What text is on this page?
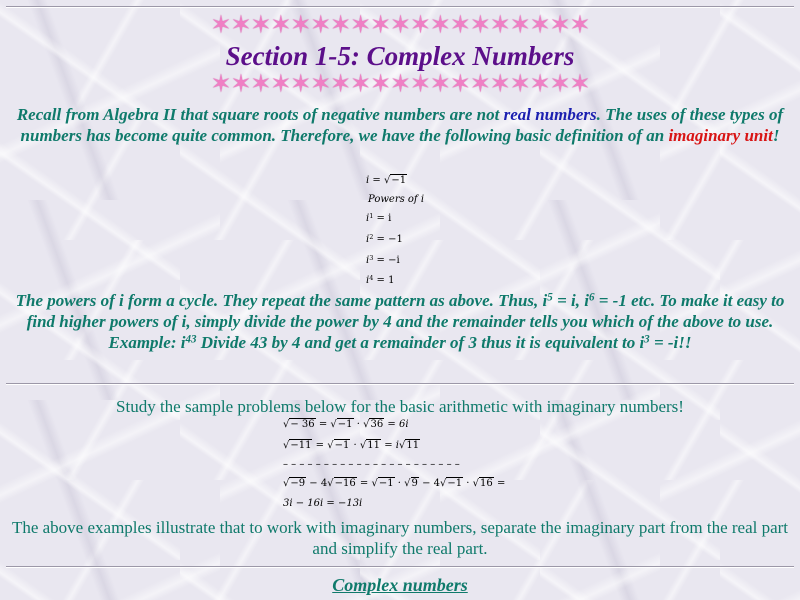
✶✶✶✶✶✶✶✶✶✶✶✶✶✶✶✶✶✶✶
Section 1-5: Complex Numbers
✶✶✶✶✶✶✶✶✶✶✶✶✶✶✶✶✶✶✶
Recall from Algebra II that square roots of negative numbers are not real numbers. The uses of these types of numbers has become quite common. Therefore, we have the following basic definition of an imaginary unit!
i = √−1
Powers of i
$i^1 = i$
$i^2 = -1$
$i^3 = -i$
$i^4 = 1$
The powers of i form a cycle. They repeat the same pattern as above. Thus, $i^5 = i$, $i^6 = -1$ etc. To make it easy to find higher powers of i, simply divide the power by 4 and the remainder tells you which of the above to use. Example: $i^{43}$ Divide 43 by 4 and get a remainder of 3 thus it is equivalent to $i^3 = -i$!!
Study the sample problems below for the basic arithmetic with imaginary numbers!
√− 36 = √−1 · √36 = 6i
√−11 = √−1 · √11 = i√11
– – – – – – – – – – – – – – – – – – – – – –
√−9 − 4√−16 = √−1 · √9 − 4√−1 · √16 =
3i − 16i = −13i
The above examples illustrate that to work with imaginary numbers, separate the imaginary part from the real part and simplify the real part.
Complex numbers
